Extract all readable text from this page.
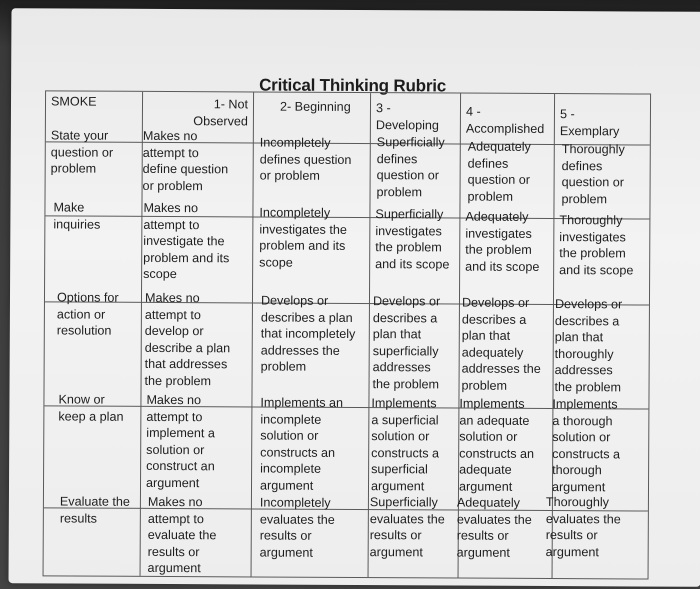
Critical Thinking Rubric
SMOKE	1- Not
Observed
2- Beginning 3 -
Developing
4 -
Accomplished
5 -
Exemplary
State your
question or
problem
Makes no
attempt to
define question
or problem
Incompletely
defines question
or problem
Superficially
defines
question or
problem
Adequately
defines
question or
problem
Thoroughly
defines
question or
problem
Make
inquiries
Makes no
attempt to
investigate the
problem and its
scope
Incompletely
investigates the
problem and its
scope
Superficially
investigates
the problem
and its scope
Adequately
investigates
the problem
and its scope
Thoroughly
investigates
the problem
and its scope
Options for
action or
resolution
Makes no
attempt to
develop or
describe a plan
that addresses
the problem
Develops or
describes a plan
that incompletely
addresses the
problem
Develops or
describes a
plan that
superficially
addresses
the problem
Develops or
describes a
plan that
adequately
addresses the
problem
Develops or
describes a
plan that
thoroughly
addresses
the problem
Know or
keep a plan
Makes no
attempt to
implement a
solution or
construct an
argument
Implements an
incomplete
solution or
constructs an
incomplete
argument
Implements
a superficial
solution or
constructs a
superficial
argument
Implements
an adequate
solution or
constructs an
adequate
argument
Implements
a thorough
solution or
constructs a
thorough
argument
Evaluate the
results
Makes no
attempt to
evaluate the
results or
argument
Incompletely
evaluates the
results or
argument
Superficially
evaluates the
results or
argument
Adequately
evaluates the
results or
argument
Thoroughly
evaluates the
results or
argument
